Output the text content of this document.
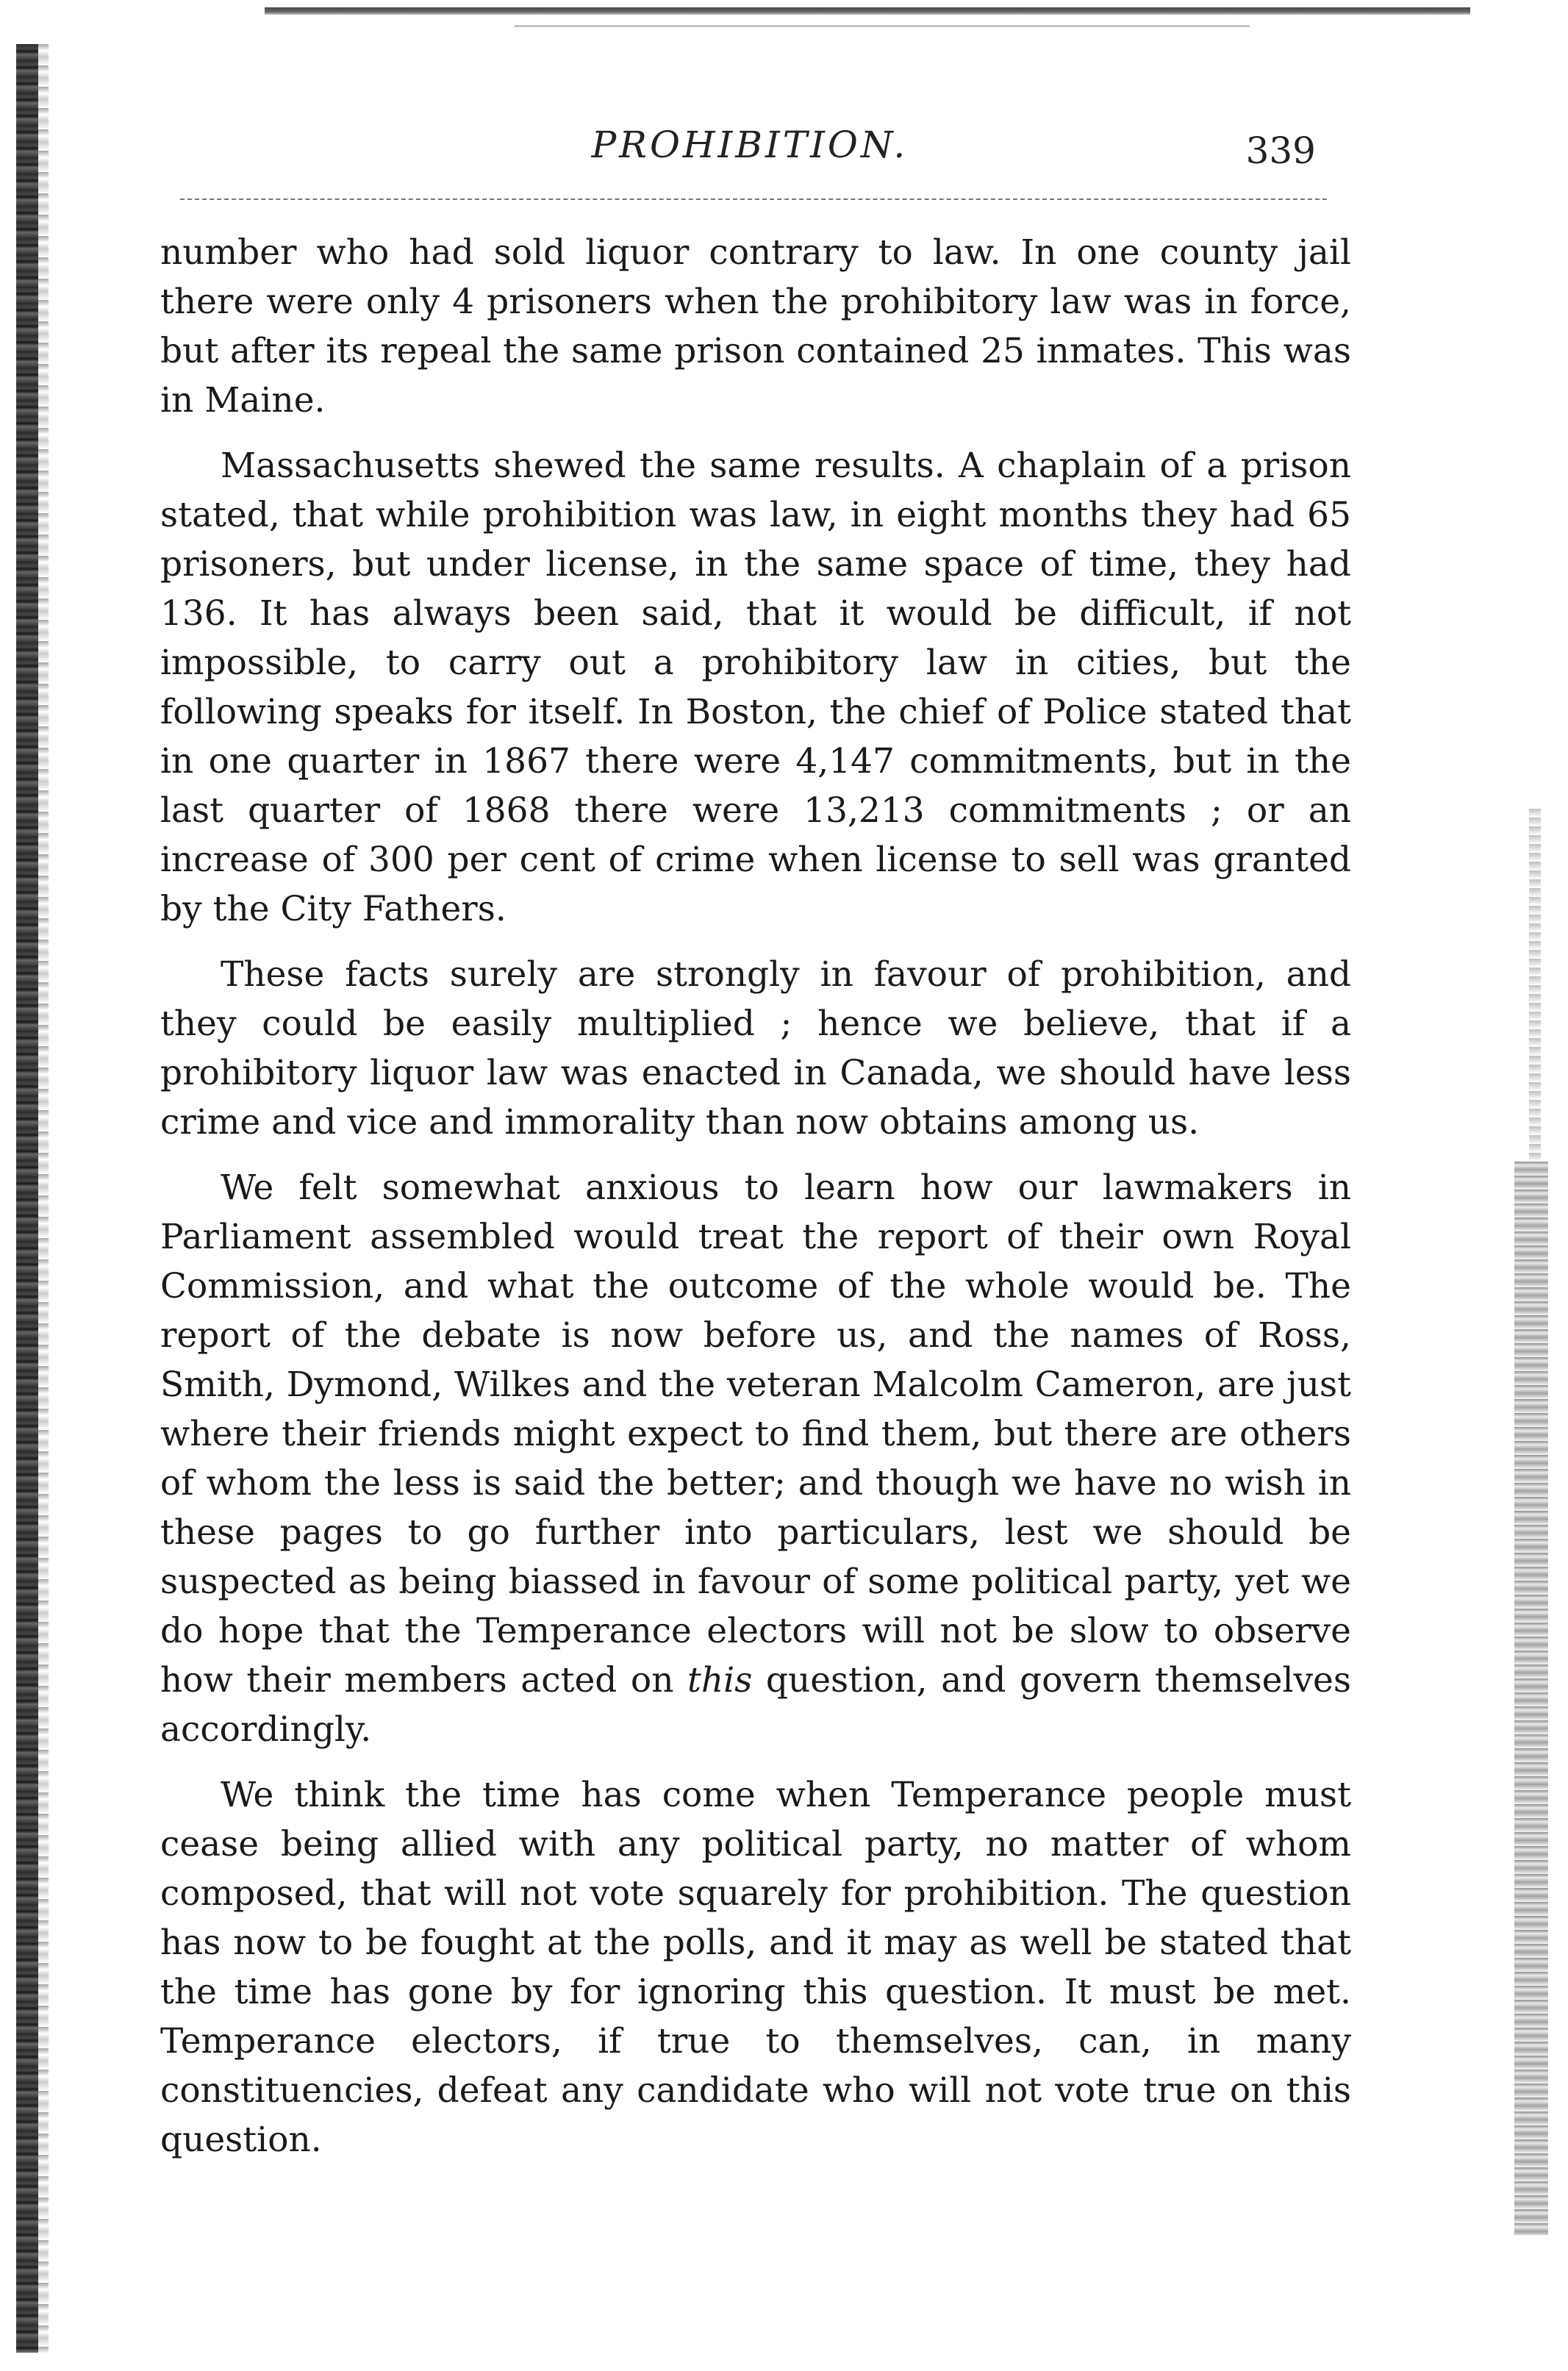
PROHIBITION.	339

number who had sold liquor contrary to law. In one county jail there were only 4 prisoners when the prohibitory law was in force, but after its repeal the same prison contained 25 inmates. This was in Maine.

Massachusetts shewed the same results. A chaplain of a prison stated, that while prohibition was law, in eight months they had 65 prisoners, but under license, in the same space of time, they had 136. It has always been said, that it would be difficult, if not impossible, to carry out a prohibitory law in cities, but the following speaks for itself. In Boston, the chief of Police stated that in one quarter in 1867 there were 4,147 commitments, but in the last quarter of 1868 there were 13,213 commitments ; or an increase of 300 per cent of crime when license to sell was granted by the City Fathers.

These facts surely are strongly in favour of prohibition, and they could be easily multiplied ; hence we believe, that if a prohibitory liquor law was enacted in Canada, we should have less crime and vice and immorality than now obtains among us.

We felt somewhat anxious to learn how our lawmakers in Parliament assembled would treat the report of their own Royal Commission, and what the outcome of the whole would be. The report of the debate is now before us, and the names of Ross, Smith, Dymond, Wilkes and the veteran Malcolm Cameron, are just where their friends might expect to find them, but there are others of whom the less is said the better; and though we have no wish in these pages to go further into particulars, lest we should be suspected as being biassed in favour of some political party, yet we do hope that the Temperance electors will not be slow to observe how their members acted on this question, and govern themselves accordingly.

We think the time has come when Temperance people must cease being allied with any political party, no matter of whom composed, that will not vote squarely for prohibition. The question has now to be fought at the polls, and it may as well be stated that the time has gone by for ignoring this question. It must be met. Temperance electors, if true to themselves, can, in many constituencies, defeat any candidate who will not vote true on this question.
